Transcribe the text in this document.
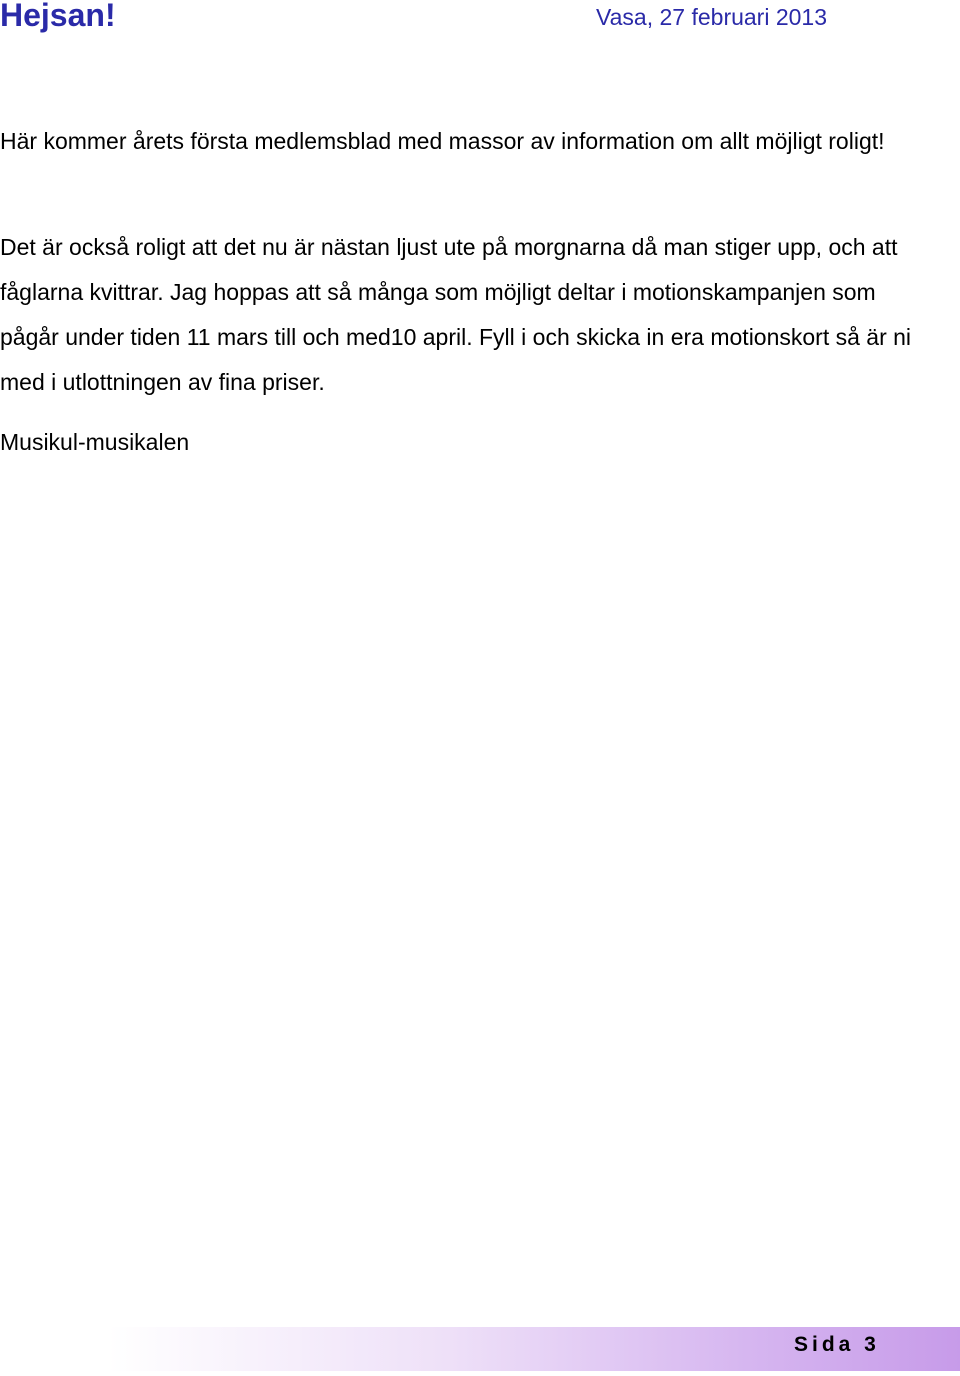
Hejsan!	Vasa, 27 februari 2013

Här kommer årets första medlemsblad med massor av information om allt möjligt roligt!

Det är också roligt att det nu är nästan ljust ute på morgnarna då man stiger upp, och att fåglarna kvittrar. Jag hoppas att så många som möjligt deltar i motionskampanjen som pågår under tiden 11 mars till och med10 april. Fyll i och skicka in era motionskort så är ni med i utlottningen av fina priser.

Musikul-musikalen

Sida 3
